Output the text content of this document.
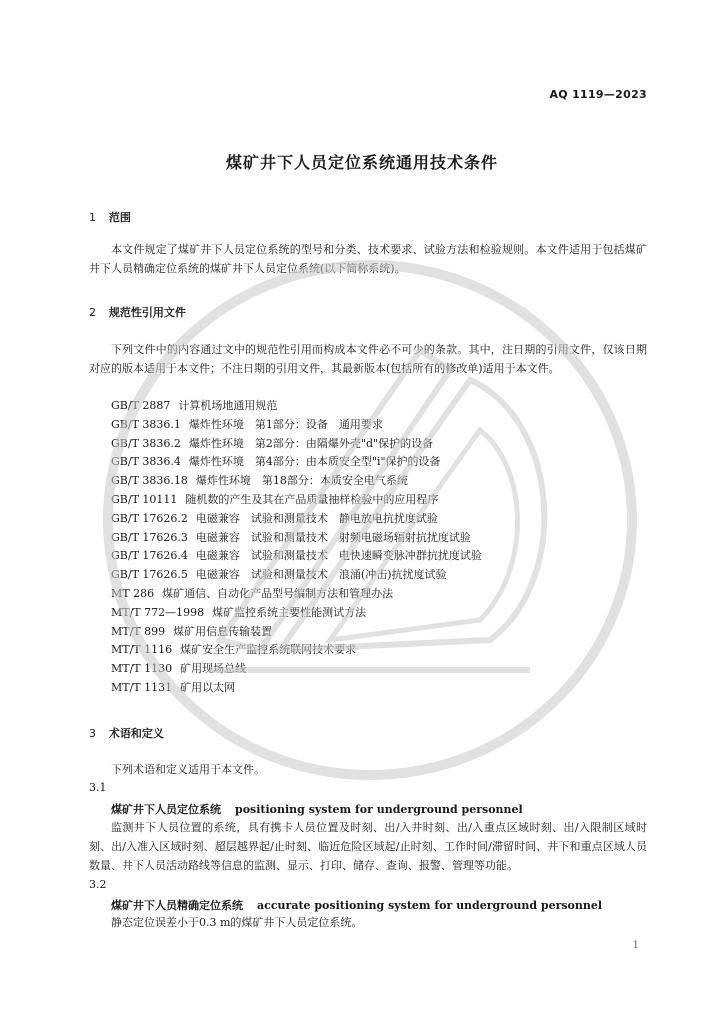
AQ 1119—2023
煤矿井下人员定位系统通用技术条件
1 范围
本文件规定了煤矿井下人员定位系统的型号和分类、技术要求、试验方法和检验规则。本文件适用于包括煤矿井下人员精确定位系统的煤矿井下人员定位系统(以下简称系统)。
2 规范性引用文件
下列文件中的内容通过文中的规范性引用而构成本文件必不可少的条款。其中，注日期的引用文件，仅该日期对应的版本适用于本文件；不注日期的引用文件，其最新版本(包括所有的修改单)适用于本文件。
GB/T 2887 计算机场地通用规范
GB/T 3836.1 爆炸性环境　第1部分：设备　通用要求
GB/T 3836.2 爆炸性环境　第2部分：由隔爆外壳"d"保护的设备
GB/T 3836.4 爆炸性环境　第4部分：由本质安全型"i"保护的设备
GB/T 3836.18 爆炸性环境　第18部分：本质安全电气系统
GB/T 10111 随机数的产生及其在产品质量抽样检验中的应用程序
GB/T 17626.2 电磁兼容　试验和测量技术　静电放电抗扰度试验
GB/T 17626.3 电磁兼容　试验和测量技术　射频电磁场辐射抗扰度试验
GB/T 17626.4 电磁兼容　试验和测量技术　电快速瞬变脉冲群抗扰度试验
GB/T 17626.5 电磁兼容　试验和测量技术　浪涌(冲击)抗扰度试验
MT 286 煤矿通信、自动化产品型号编制方法和管理办法
MT/T 772—1998 煤矿监控系统主要性能测试方法
MT/T 899 煤矿用信息传输装置
MT/T 1116 煤矿安全生产监控系统联网技术要求
MT/T 1130 矿用现场总线
MT/T 1131 矿用以太网
3 术语和定义
下列术语和定义适用于本文件。
3.1
煤矿井下人员定位系统 positioning system for underground personnel
监测井下人员位置的系统，具有携卡人员位置及时刻、出/入井时刻、出/入重点区域时刻、出/入限制区域时刻、出/入准入区域时刻、超层越界起/止时刻、临近危险区域起/止时刻、工作时间/滞留时间、井下和重点区域人员数量、井下人员活动路线等信息的监测、显示、打印、储存、查询、报警、管理等功能。
3.2
煤矿井下人员精确定位系统 accurate positioning system for underground personnel
静态定位误差小于0.3 m的煤矿井下人员定位系统。
1
